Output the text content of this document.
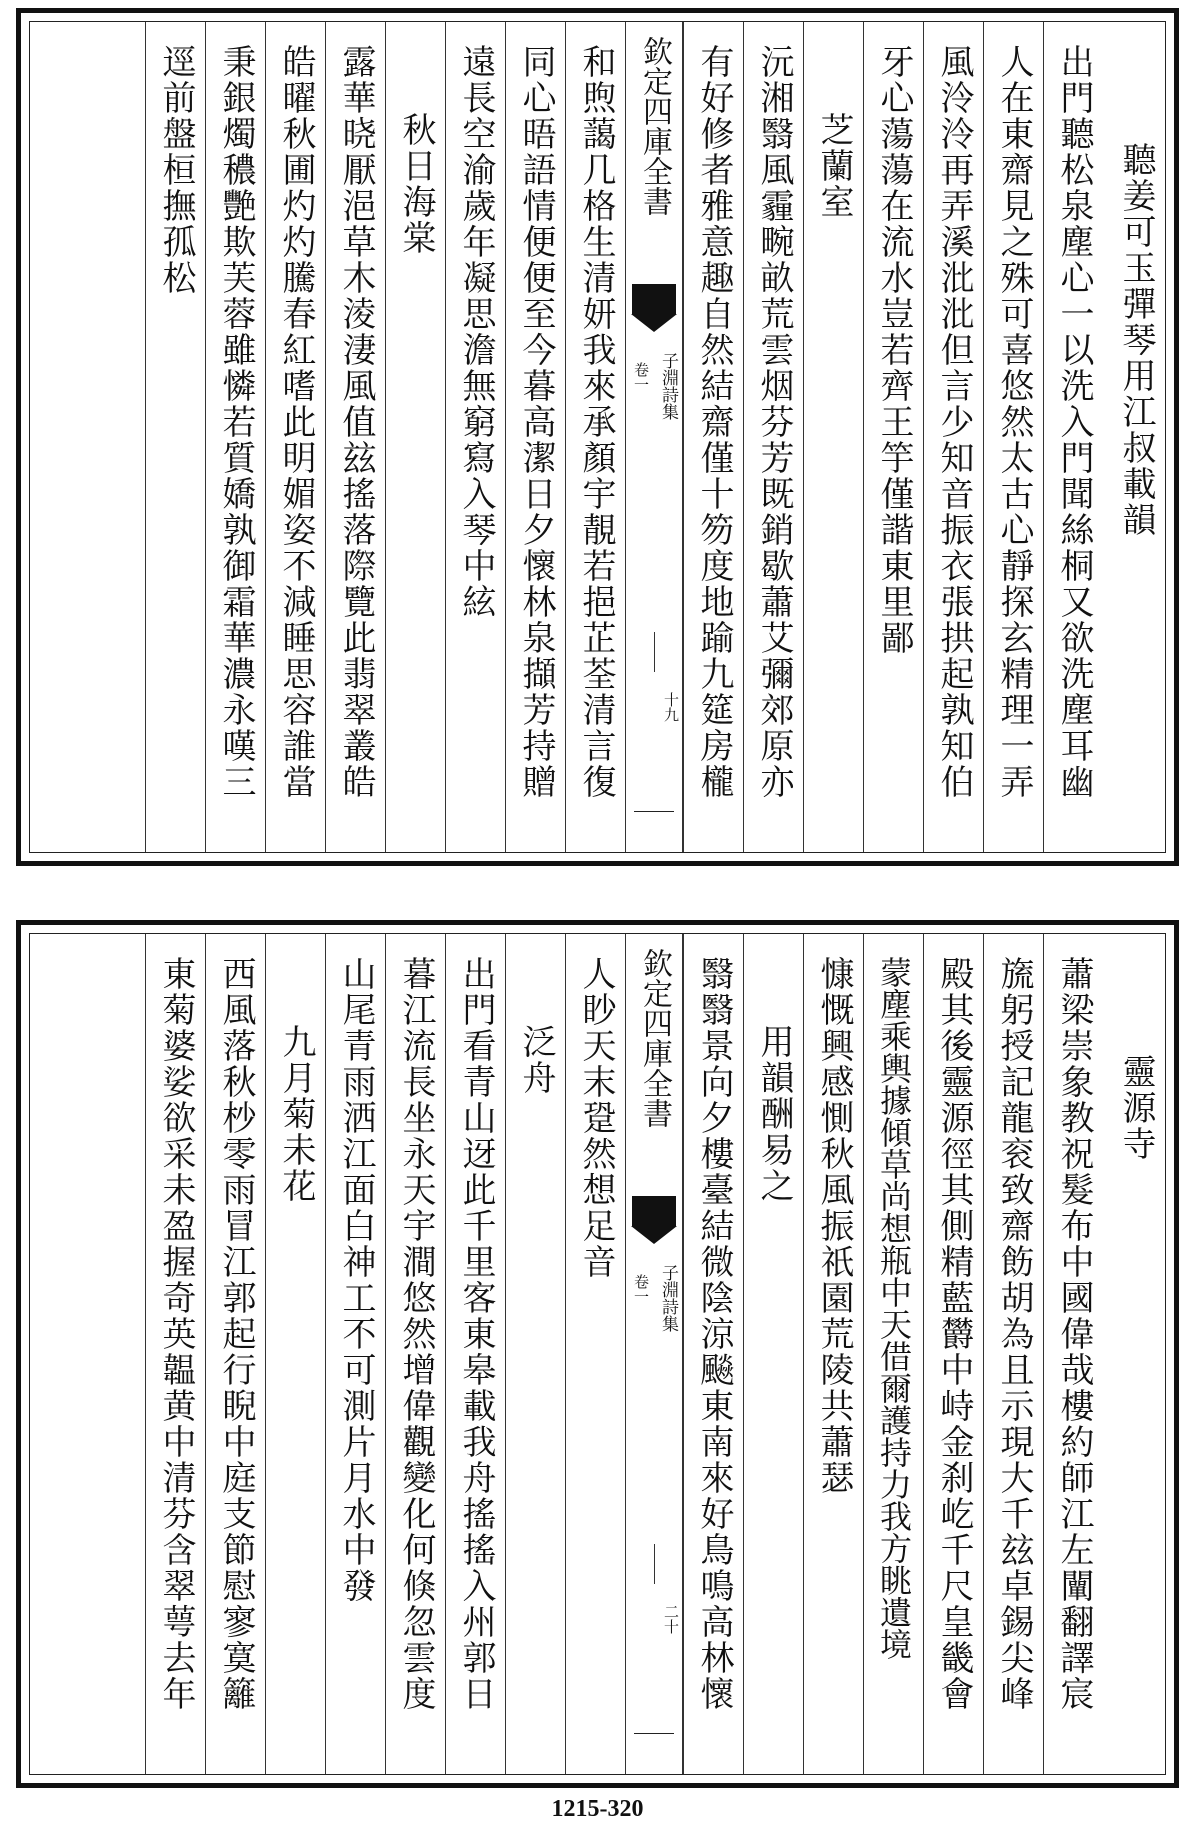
聽姜可玉彈琴用江叔載韻
出門聽松泉塵心一以洗入門聞絲桐又欲洗塵耳幽
人在東齋見之殊可喜悠然太古心靜探玄精理一弄
風泠泠再弄溪沘沘但言少知音振衣張拱起孰知伯
牙心蕩蕩在流水豈若齊王竽僅諧東里鄙
芝蘭室
沅湘翳風霾畹畝荒雲烟芬芳既銷歇蕭艾彌郊原亦
有好修者雅意趣自然結齋僅十笏度地踰九筵房櫳
欽定四庫全書
子淵詩集
卷一
十九
和煦藹几格生清妍我來承顏宇靚若挹芷荃清言復
同心晤語情便便至今暮高潔日夕懷林泉擷芳持贈
遠長空渝歲年凝思澹無窮寫入琴中絃
秋日海棠
露華晓厭浥草木淩淒風值玆搖落際覽此翡翠叢皓
皓曜秋圃灼灼騰春紅嗜此明媚姿不減睡思容誰當
秉銀燭穠艷欺芙蓉雖憐若質嬌孰御霜華濃永嘆三
逕前盤桓撫孤松
靈源寺
蕭梁崇象教祝髮布中國偉哉樓約師江左闡翻譯宸
旒躬授記龍衮致齋飭胡為且示現大千玆卓錫尖峰
殿其後靈源徑其側精藍欝中峙金刹屹千尺皇畿會
蒙塵乘輿據傾草尚想瓶中天借爾護持力我方眺遺境
慷慨興感惻秋風振祇園荒陵共蕭瑟
用韻酬易之
翳翳景向夕樓臺結微陰涼飈東南來好鳥鳴高林懷
欽定四庫全書
子淵詩集
卷一
二十
人眇天末跫然想足音
泛舟
出門看青山迓此千里客東皋載我舟搖搖入州郭日
暮江流長坐永天宇澗悠然增偉觀變化何倏忽雲度
山尾青雨洒江面白神工不可測片月水中發
九月菊未花
西風落秋杪零雨冒江郭起行睨中庭支節慰寥寞籬
東菊婆娑欲采未盈握奇英韞黄中清芬含翠萼去年
1215-320
